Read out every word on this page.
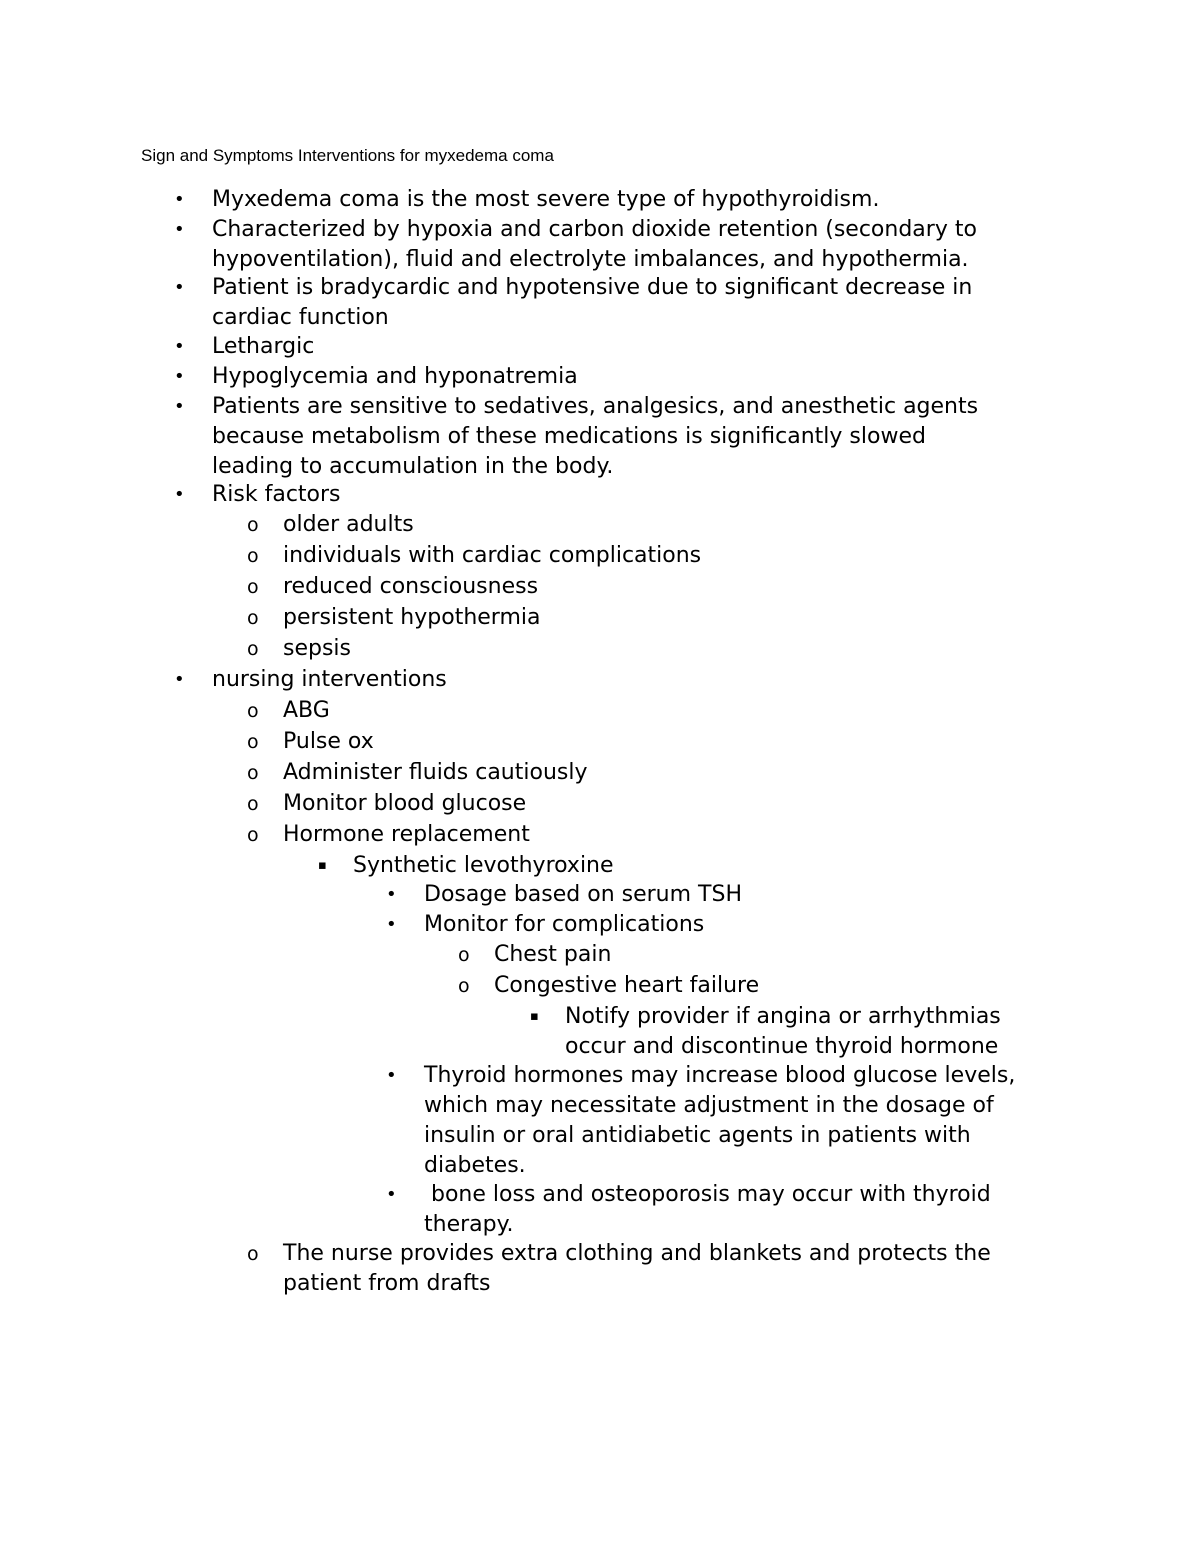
Sign and Symptoms Interventions for myxedema coma
• Myxedema coma is the most severe type of hypothyroidism.
• Characterized by hypoxia and carbon dioxide retention (secondary to
hypoventilation), fluid and electrolyte imbalances, and hypothermia.
• Patient is bradycardic and hypotensive due to significant decrease in
cardiac function
• Lethargic
• Hypoglycemia and hyponatremia
• Patients are sensitive to sedatives, analgesics, and anesthetic agents
because metabolism of these medications is significantly slowed
leading to accumulation in the body.
• Risk factors
o older adults
o individuals with cardiac complications
o reduced consciousness
o persistent hypothermia
o sepsis
• nursing interventions
o ABG
o Pulse ox
o Administer fluids cautiously
o Monitor blood glucose
o Hormone replacement
▪ Synthetic levothyroxine
• Dosage based on serum TSH
• Monitor for complications
o Chest pain
o Congestive heart failure
▪ Notify provider if angina or arrhythmias
occur and discontinue thyroid hormone
• Thyroid hormones may increase blood glucose levels,
which may necessitate adjustment in the dosage of
insulin or oral antidiabetic agents in patients with
diabetes.
• bone loss and osteoporosis may occur with thyroid
therapy.
o The nurse provides extra clothing and blankets and protects the
patient from drafts
